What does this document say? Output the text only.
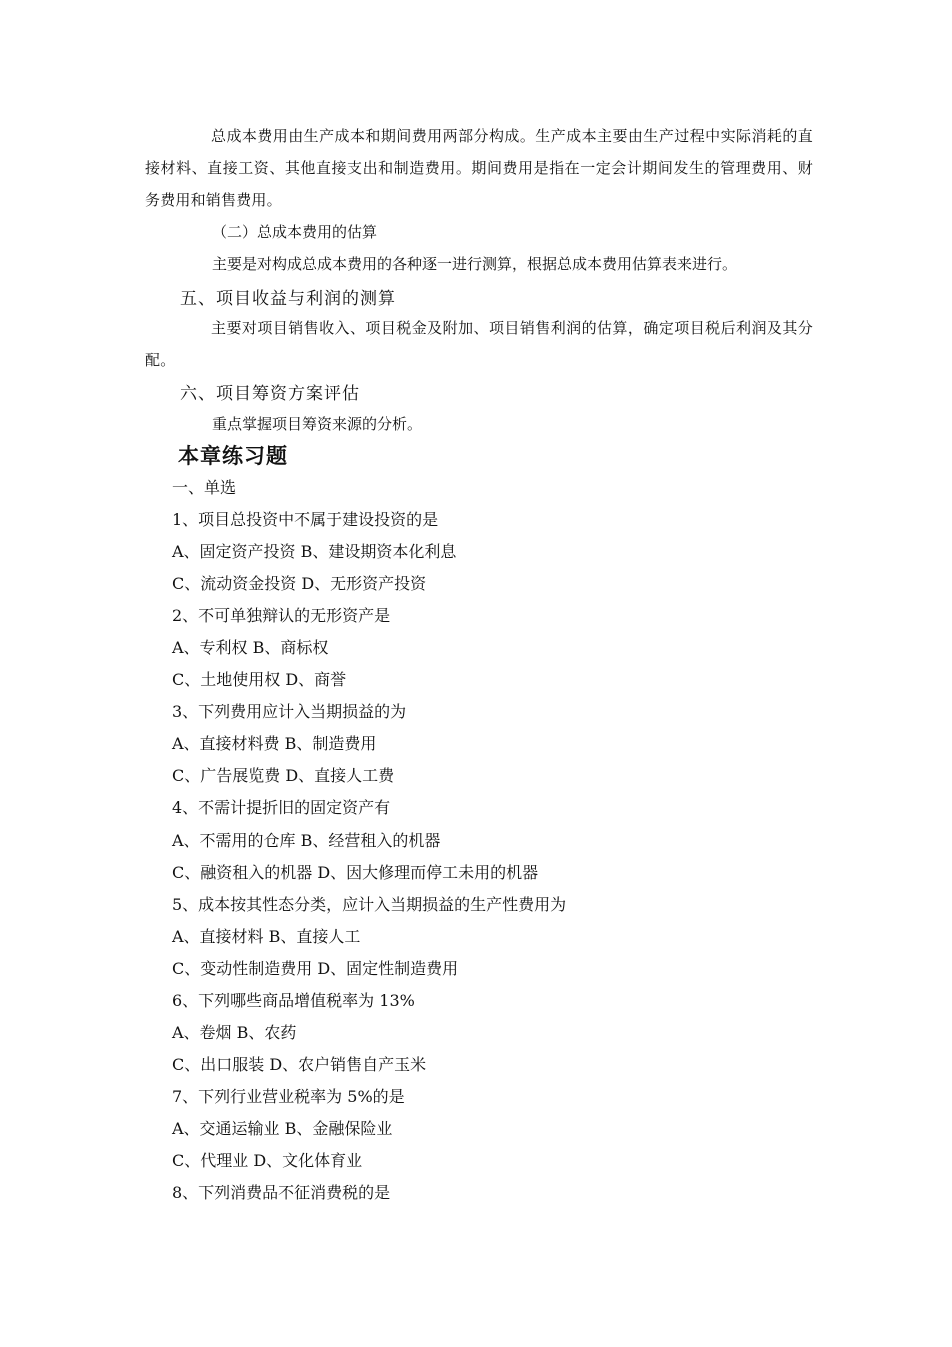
总成本费用由生产成本和期间费用两部分构成。生产成本主要由生产过程中实际消耗的直接材料、直接工资、其他直接支出和制造费用。期间费用是指在一定会计期间发生的管理费用、财务费用和销售费用。

（二）总成本费用的估算

主要是对构成总成本费用的各种逐一进行测算，根据总成本费用估算表来进行。

五、项目收益与利润的测算

主要对项目销售收入、项目税金及附加、项目销售利润的估算，确定项目税后利润及其分配。

六、项目筹资方案评估

重点掌握项目筹资来源的分析。

本章练习题

一、单选

1、项目总投资中不属于建设投资的是

A、固定资产投资 B、建设期资本化利息

C、流动资金投资 D、无形资产投资

2、不可单独辩认的无形资产是

A、专利权 B、商标权

C、土地使用权 D、商誉

3、下列费用应计入当期损益的为

A、直接材料费 B、制造费用

C、广告展览费 D、直接人工费

4、不需计提折旧的固定资产有

A、不需用的仓库 B、经营租入的机器

C、融资租入的机器 D、因大修理而停工未用的机器

5、成本按其性态分类，应计入当期损益的生产性费用为

A、直接材料 B、直接人工

C、变动性制造费用 D、固定性制造费用

6、下列哪些商品增值税率为 13%

A、卷烟 B、农药

C、出口服装 D、农户销售自产玉米

7、下列行业营业税率为 5%的是

A、交通运输业 B、金融保险业

C、代理业 D、文化体育业

8、下列消费品不征消费税的是
